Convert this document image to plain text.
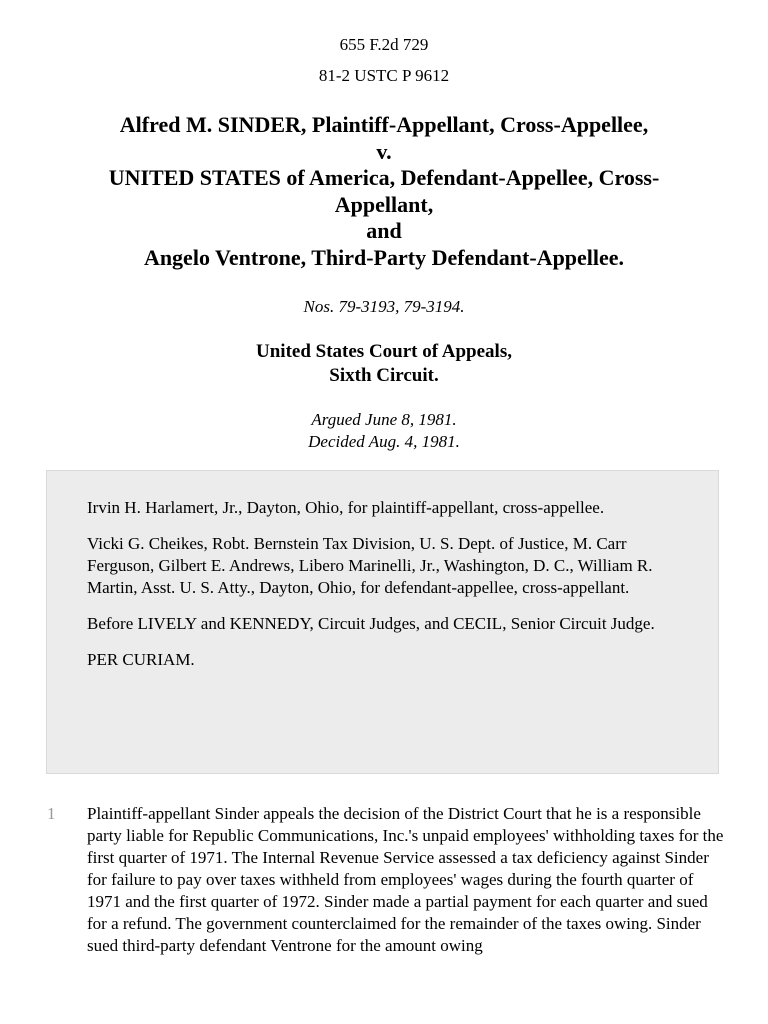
655 F.2d 729
81-2 USTC P 9612
Alfred M. SINDER, Plaintiff-Appellant, Cross-Appellee,
v.
UNITED STATES of America, Defendant-Appellee, Cross-
Appellant,
and
Angelo Ventrone, Third-Party Defendant-Appellee.
Nos. 79-3193, 79-3194.
United States Court of Appeals,
Sixth Circuit.
Argued June 8, 1981.
Decided Aug. 4, 1981.

Irvin H. Harlamert, Jr., Dayton, Ohio, for plaintiff-appellant, cross-appellee.

Vicki G. Cheikes, Robt. Bernstein Tax Division, U. S. Dept. of Justice, M. Carr Ferguson, Gilbert E. Andrews, Libero Marinelli, Jr., Washington, D. C., William R. Martin, Asst. U. S. Atty., Dayton, Ohio, for defendant-appellee, cross-appellant.

Before LIVELY and KENNEDY, Circuit Judges, and CECIL, Senior Circuit Judge.

PER CURIAM.

1 Plaintiff-appellant Sinder appeals the decision of the District Court that he is a responsible party liable for Republic Communications, Inc.'s unpaid employees' withholding taxes for the first quarter of 1971. The Internal Revenue Service assessed a tax deficiency against Sinder for failure to pay over taxes withheld from employees' wages during the fourth quarter of 1971 and the first quarter of 1972. Sinder made a partial payment for each quarter and sued for a refund. The government counterclaimed for the remainder of the taxes owing. Sinder sued third-party defendant Ventrone for the amount owing
